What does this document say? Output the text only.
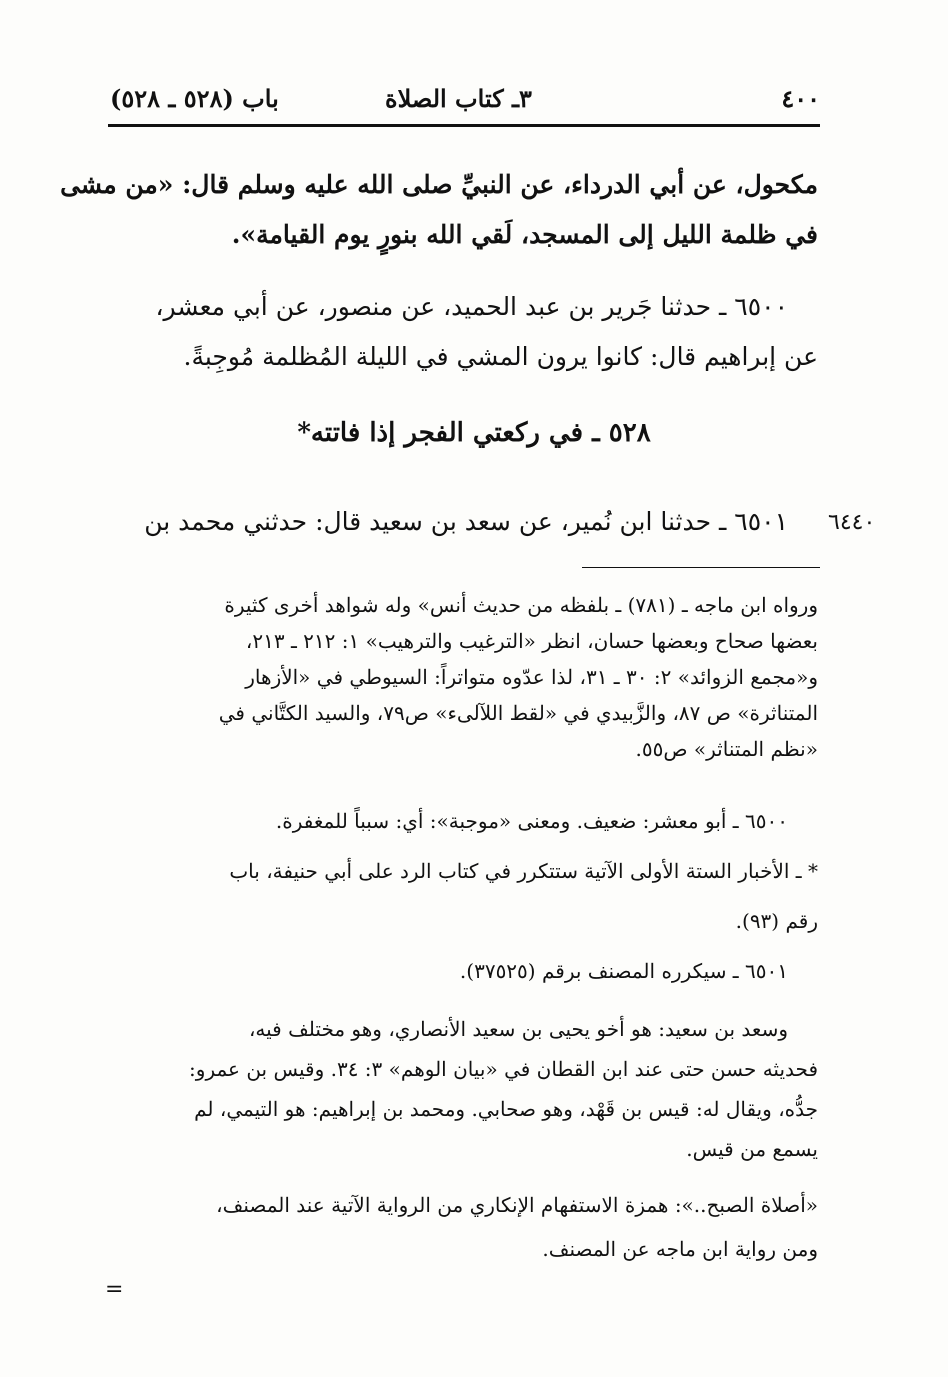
٤٠٠
٣ـ كتاب الصلاة
باب (٥٢٨ ـ ٥٢٨)
مكحول، عن أبي الدرداء، عن النبيِّ صلى الله عليه وسلم قال: «من مشى
في ظلمة الليل إلى المسجد، لَقي الله بنورٍ يوم القيامة».
٦٥٠٠ ـ حدثنا جَرير بن عبد الحميد، عن منصور، عن أبي معشر،
عن إبراهيم قال: كانوا يرون المشي في الليلة المُظلمة مُوجِبةً.
٥٢٨ ـ في ركعتي الفجر إذا فاتته*
٦٤٤٠
٦٥٠١ ـ حدثنا ابن نُمير، عن سعد بن سعيد قال: حدثني محمد بن
ورواه ابن ماجه ـ (٧٨١) ـ بلفظه من حديث أنس» وله شواهد أخرى كثيرة
بعضها صحاح وبعضها حسان، انظر «الترغيب والترهيب» ١: ٢١٢ ـ ٢١٣،
و«مجمع الزوائد» ٢: ٣٠ ـ ٣١، لذا عدّوه متواتراً: السيوطي في «الأزهار
المتناثرة» ص ٨٧، والزَّبيدي في «لقط اللآلىء» ص٧٩، والسيد الكتَّاني في
«نظم المتناثر» ص٥٥.
٦٥٠٠ ـ أبو معشر: ضعيف. ومعنى «موجبة»: أي: سبباً للمغفرة.
* ـ الأخبار الستة الأولى الآتية ستتكرر في كتاب الرد على أبي حنيفة، باب
رقم (٩٣).
٦٥٠١ ـ سيكرره المصنف برقم (٣٧٥٢٥).
وسعد بن سعيد: هو أخو يحيى بن سعيد الأنصاري، وهو مختلف فيه،
فحديثه حسن حتى عند ابن القطان في «بيان الوهم» ٣: ٣٤. وقيس بن عمرو:
جدُّه، ويقال له: قيس بن قَهْد، وهو صحابي. ومحمد بن إبراهيم: هو التيمي، لم
يسمع من قيس.
«أصلاة الصبح..»: همزة الاستفهام الإنكاري من الرواية الآتية عند المصنف،
ومن رواية ابن ماجه عن المصنف.
=
